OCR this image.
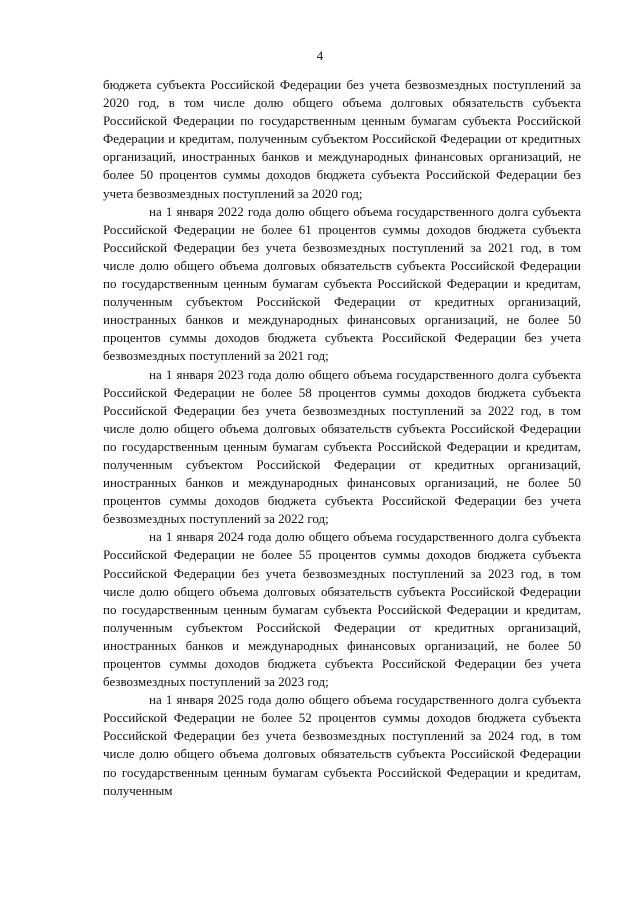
4

бюджета субъекта Российской Федерации без учета безвозмездных поступлений за 2020 год, в том числе долю общего объема долговых обязательств субъекта Российской Федерации по государственным ценным бумагам субъекта Российской Федерации и кредитам, полученным субъектом Российской Федерации от кредитных организаций, иностранных банков и международных финансовых организаций, не более 50 процентов суммы доходов бюджета субъекта Российской Федерации без учета безвозмездных поступлений за 2020 год;

на 1 января 2022 года долю общего объема государственного долга субъекта Российской Федерации не более 61 процентов суммы доходов бюджета субъекта Российской Федерации без учета безвозмездных поступлений за 2021 год, в том числе долю общего объема долговых обязательств субъекта Российской Федерации по государственным ценным бумагам субъекта Российской Федерации и кредитам, полученным субъектом Российской Федерации от кредитных организаций, иностранных банков и международных финансовых организаций, не более 50 процентов суммы доходов бюджета субъекта Российской Федерации без учета безвозмездных поступлений за 2021 год;

на 1 января 2023 года долю общего объема государственного долга субъекта Российской Федерации не более 58 процентов суммы доходов бюджета субъекта Российской Федерации без учета безвозмездных поступлений за 2022 год, в том числе долю общего объема долговых обязательств субъекта Российской Федерации по государственным ценным бумагам субъекта Российской Федерации и кредитам, полученным субъектом Российской Федерации от кредитных организаций, иностранных банков и международных финансовых организаций, не более 50 процентов суммы доходов бюджета субъекта Российской Федерации без учета безвозмездных поступлений за 2022 год;

на 1 января 2024 года долю общего объема государственного долга субъекта Российской Федерации не более 55 процентов суммы доходов бюджета субъекта Российской Федерации без учета безвозмездных поступлений за 2023 год, в том числе долю общего объема долговых обязательств субъекта Российской Федерации по государственным ценным бумагам субъекта Российской Федерации и кредитам, полученным субъектом Российской Федерации от кредитных организаций, иностранных банков и международных финансовых организаций, не более 50 процентов суммы доходов бюджета субъекта Российской Федерации без учета безвозмездных поступлений за 2023 год;

на 1 января 2025 года долю общего объема государственного долга субъекта Российской Федерации не более 52 процентов суммы доходов бюджета субъекта Российской Федерации без учета безвозмездных поступлений за 2024 год, в том числе долю общего объема долговых обязательств субъекта Российской Федерации по государственным ценным бумагам субъекта Российской Федерации и кредитам, полученным
